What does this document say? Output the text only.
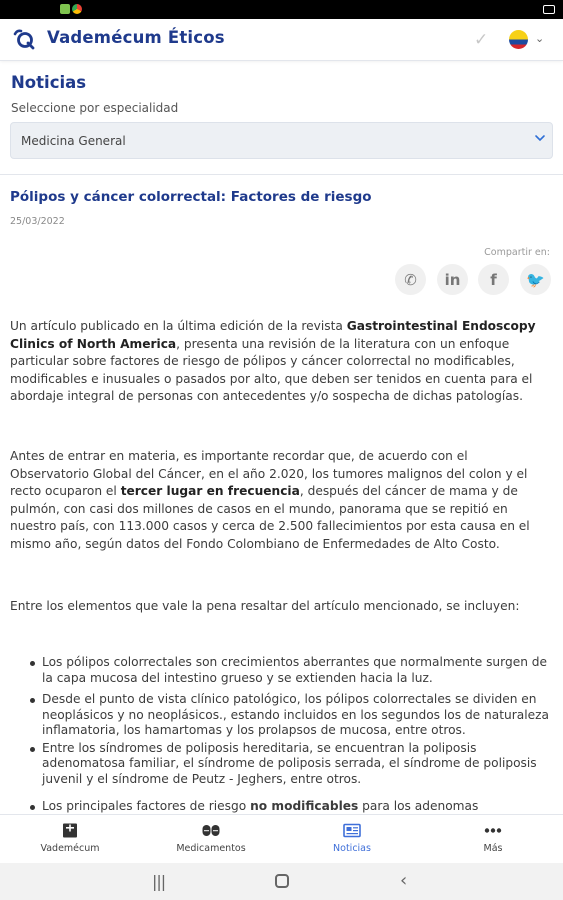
Vademécum Éticos	✓	⌄
Noticias
Seleccione por especialidad
Medicina General
Pólipos y cáncer colorrectal: Factores de riesgo
25/03/2022
Compartir en:
✆	in	f	🐦

Un artículo publicado en la última edición de la revista Gastrointestinal Endoscopy Clinics of North America, presenta una revisión de la literatura con un enfoque particular sobre factores de riesgo de pólipos y cáncer colorrectal no modificables, modificables e inusuales o pasados por alto, que deben ser tenidos en cuenta para el abordaje integral de personas con antecedentes y/o sospecha de dichas patologías.

Antes de entrar en materia, es importante recordar que, de acuerdo con el Observatorio Global del Cáncer, en el año 2.020, los tumores malignos del colon y el recto ocuparon el tercer lugar en frecuencia, después del cáncer de mama y de pulmón, con casi dos millones de casos en el mundo, panorama que se repitió en nuestro país, con 113.000 casos y cerca de 2.500 fallecimientos por esta causa en el mismo año, según datos del Fondo Colombiano de Enfermedades de Alto Costo.

Entre los elementos que vale la pena resaltar del artículo mencionado, se incluyen:

Los pólipos colorrectales son crecimientos aberrantes que normalmente surgen de la capa mucosa del intestino grueso y se extienden hacia la luz.
Desde el punto de vista clínico patológico, los pólipos colorrectales se dividen en neoplásicos y no neoplásicos., estando incluidos en los segundos los de naturaleza inflamatoria, los hamartomas y los prolapsos de mucosa, entre otros.
Entre los síndromes de poliposis hereditaria, se encuentran la poliposis adenomatosa familiar, el síndrome de poliposis serrada, el síndrome de poliposis juvenil y el síndrome de Peutz - Jeghers, entre otros.
Los principales factores de riesgo no modificables para los adenomas
Vademécum	Medicamentos	Noticias	Más
|||	‹
